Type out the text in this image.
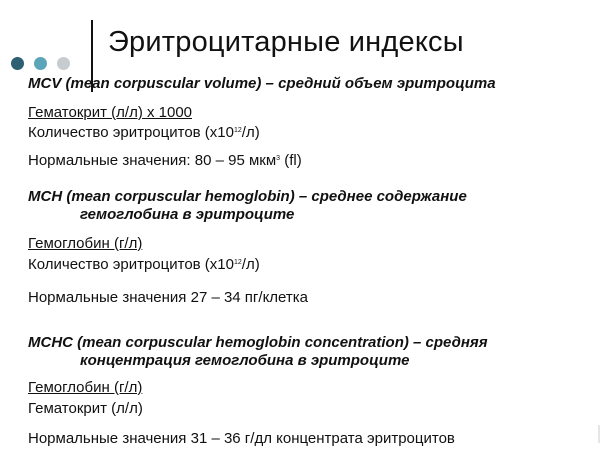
Эритроцитарные индексы
MCV (mean corpuscular volume) – средний объем эритроцита
Гематокрит (л/л) х 1000
Количество эритроцитов $(х10^{12}/л)$
Нормальные значения: 80 – 95 мкм$^3$ (fl)
MCH (mean corpuscular hemoglobin) – среднее содержание
гемоглобина в эритроците
Гемоглобин (г/л)
Количество эритроцитов $(х10^{12}/л)$
Нормальные значения 27 – 34 пг/клетка
MCHC (mean corpuscular hemoglobin concentration) – средняя
концентрация гемоглобина в эритроците
Гемоглобин (г/л)
Гематокрит (л/л)
Нормальные значения 31 – 36 г/дл концентрата эритроцитов
